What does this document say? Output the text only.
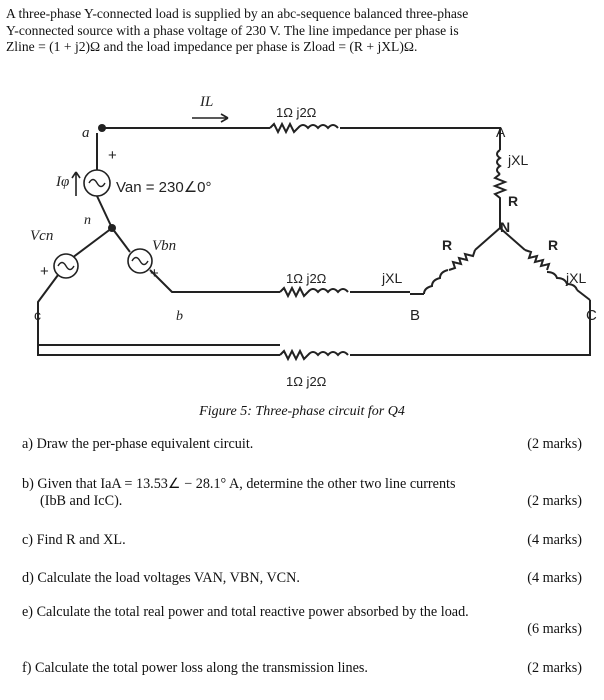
A three-phase Y-connected load is supplied by an abc-sequence balanced three-phase
Y-connected source with a phase voltage of 230 V. The line impedance per phase is
Zline = (1 + j2)Ω and the load impedance per phase is Zload = (R + jXL)Ω.
IL
1Ω j2Ω
a	A
+
Iφ	Van = 230∠0°
jXL
R
N
n
Vcn
Vbn	R	R
+	+	1Ω j2Ω	jXL	jXL
c	b	B	C
1Ω j2Ω
Figure 5: Three-phase circuit for Q4
a) Draw the per-phase equivalent circuit.	(2 marks)
b) Given that IaA = 13.53∠ − 28.1° A, determine the other two line currents
(IbB and IcC).	(2 marks)
c) Find R and XL.	(4 marks)
d) Calculate the load voltages VAN, VBN, VCN.	(4 marks)
e) Calculate the total real power and total reactive power absorbed by the load.
(6 marks)
f) Calculate the total power loss along the transmission lines.	(2 marks)
